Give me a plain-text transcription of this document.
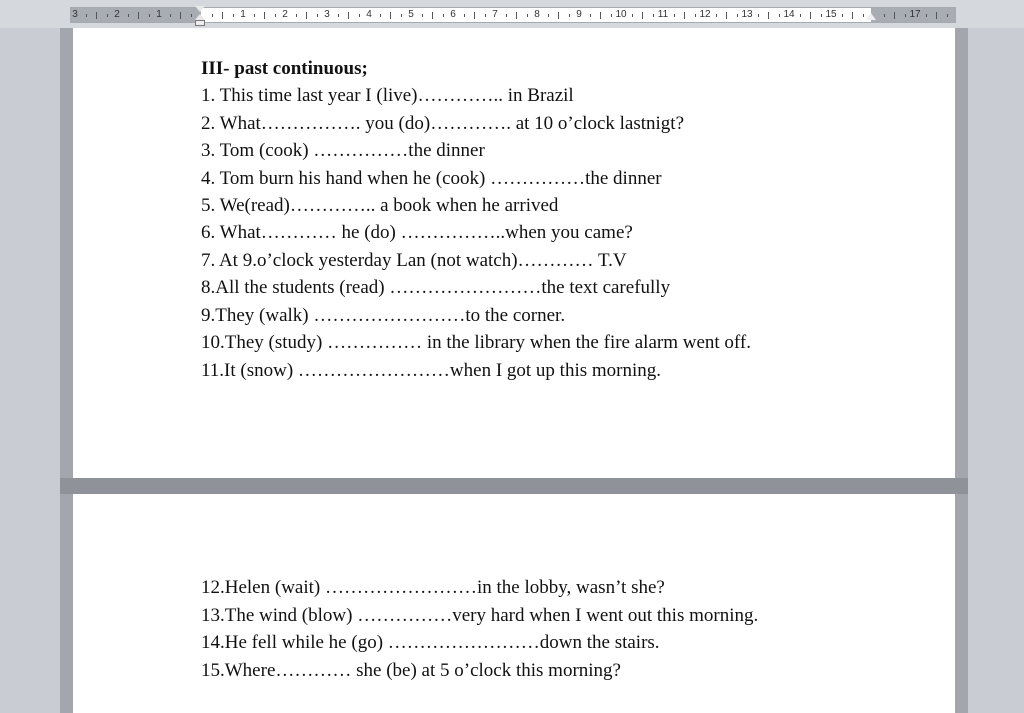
3	2	1	1	2	3	4	5	6	7	8	9	10	11	12	13	14	15	17
III- past continuous;
1. This time last year I (live)………….. in Brazil
2. What……………. you (do)…………. at 10 o’clock lastnigt?
3. Tom (cook) ……………the dinner
4. Tom burn his hand when he (cook) ……………the dinner
5. We(read)………….. a book when he arrived
6. What………… he (do) ……………..when you came?
7. At 9.o’clock yesterday Lan (not watch)………… T.V
8.All the students (read) ……………………the text carefully
9.They (walk) ……………………to the corner.
10.They (study) …………… in the library when the fire alarm went off.
11.It (snow) ……………………when I got up this morning.
12.Helen (wait) ……………………in the lobby, wasn’t she?
13.The wind (blow) ……………very hard when I went out this morning.
14.He fell while he (go) ……………………down the stairs.
15.Where………… she (be) at 5 o’clock this morning?
